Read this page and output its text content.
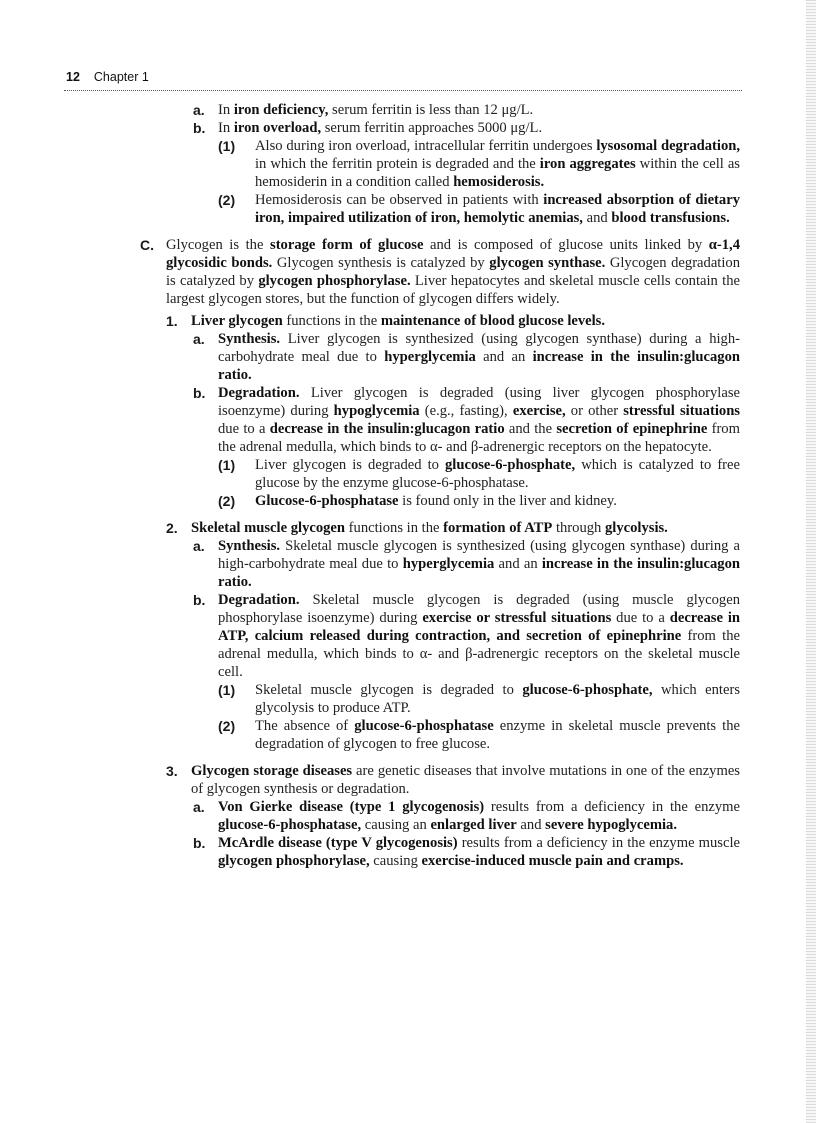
12 Chapter 1

a. In iron deficiency, serum ferritin is less than 12 μg/L.

b. In iron overload, serum ferritin approaches 5000 μg/L.

(1) Also during iron overload, intracellular ferritin undergoes lysosomal degradation, in which the ferritin protein is degraded and the iron aggregates within the cell as hemosiderin in a condition called hemosiderosis.

(2) Hemosiderosis can be observed in patients with increased absorption of dietary iron, impaired utilization of iron, hemolytic anemias, and blood transfusions.

C. Glycogen is the storage form of glucose and is composed of glucose units linked by α-1,4 glycosidic bonds. Glycogen synthesis is catalyzed by glycogen synthase. Glycogen degradation is catalyzed by glycogen phosphorylase. Liver hepatocytes and skeletal muscle cells contain the largest glycogen stores, but the function of glycogen differs widely.

1. Liver glycogen functions in the maintenance of blood glucose levels.

a. Synthesis. Liver glycogen is synthesized (using glycogen synthase) during a high-carbohydrate meal due to hyperglycemia and an increase in the insulin:glucagon ratio.

b. Degradation. Liver glycogen is degraded (using liver glycogen phosphorylase isoenzyme) during hypoglycemia (e.g., fasting), exercise, or other stressful situations due to a decrease in the insulin:glucagon ratio and the secretion of epinephrine from the adrenal medulla, which binds to α- and β-adrenergic receptors on the hepatocyte.

(1) Liver glycogen is degraded to glucose-6-phosphate, which is catalyzed to free glucose by the enzyme glucose-6-phosphatase.

(2) Glucose-6-phosphatase is found only in the liver and kidney.

2. Skeletal muscle glycogen functions in the formation of ATP through glycolysis.

a. Synthesis. Skeletal muscle glycogen is synthesized (using glycogen synthase) during a high-carbohydrate meal due to hyperglycemia and an increase in the insulin:glucagon ratio.

b. Degradation. Skeletal muscle glycogen is degraded (using muscle glycogen phosphorylase isoenzyme) during exercise or stressful situations due to a decrease in ATP, calcium released during contraction, and secretion of epinephrine from the adrenal medulla, which binds to α- and β-adrenergic receptors on the skeletal muscle cell.

(1) Skeletal muscle glycogen is degraded to glucose-6-phosphate, which enters glycolysis to produce ATP.

(2) The absence of glucose-6-phosphatase enzyme in skeletal muscle prevents the degradation of glycogen to free glucose.

3. Glycogen storage diseases are genetic diseases that involve mutations in one of the enzymes of glycogen synthesis or degradation.

a. Von Gierke disease (type 1 glycogenosis) results from a deficiency in the enzyme glucose-6-phosphatase, causing an enlarged liver and severe hypoglycemia.

b. McArdle disease (type V glycogenosis) results from a deficiency in the enzyme muscle glycogen phosphorylase, causing exercise-induced muscle pain and cramps.
